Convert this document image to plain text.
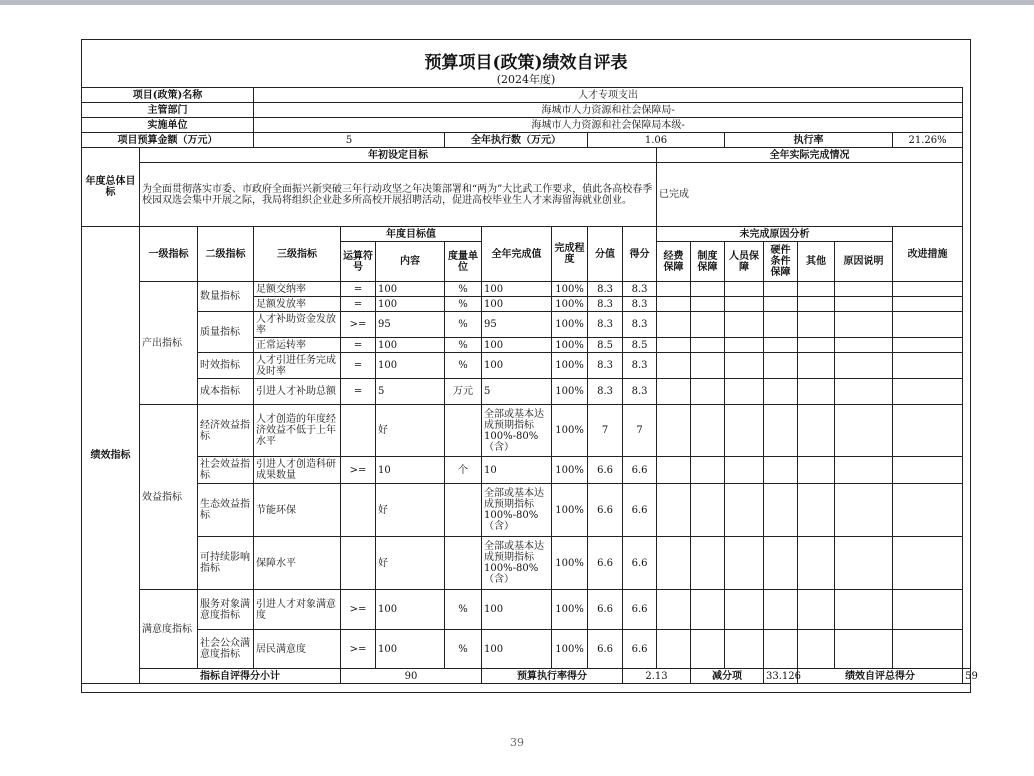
预算项目(政策)绩效自评表
(2024年度)
项目(政策)名称			人才专项支出															
主管部门			海城市人力资源和社会保障局-															
实施单位			海城市人力资源和社会保障局本级-															
项目预算金额（万元）			5			全年执行数（万元）			1.06				执行率				21.26%	
年度总体目标	年初设定目标										全年实际完成情况							
	为全面贯彻落实市委、市政府全面振兴新突破三年行动攻坚之年决策部署和“两为”大比武工作要求，值此各高校春季校园双选会集中开展之际，我局将组织企业赴多所高校开展招聘活动，促进高校毕业生人才来海留海就业创业。										已完成							
绩效指标	一级指标	二级指标	三级指标	年度目标值			全年完成值	完成程度	分值	得分	未完成原因分析						改进措施	
				运算符号	内容	度量单位					经费保障	制度保障	人员保障	硬件条件保障	其他	原因说明		
	产出指标	数量指标	足额交纳率	=	100	%	100	100%	8.3	8.3								
			足额发放率	=	100	%	100	100%	8.3	8.3								
		质量指标	人才补助资金发放率	>=	95	%	95	100%	8.3	8.3								
			正常运转率	=	100	%	100	100%	8.5	8.5								
		时效指标	人才引进任务完成及时率	=	100	%	100	100%	8.3	8.3								
		成本指标	引进人才补助总额	=	5	万元	5	100%	8.3	8.3								
	效益指标	经济效益指标	人才创造的年度经济效益不低于上年水平		好		全部或基本达成预期指标100%-80%（含）	100%	7	7								
		社会效益指标	引进人才创造科研成果数量	>=	10	个	10	100%	6.6	6.6								
		生态效益指标	节能环保		好		全部或基本达成预期指标100%-80%（含）	100%	6.6	6.6								
		可持续影响指标	保障水平		好		全部或基本达成预期指标100%-80%（含）	100%	6.6	6.6								
	满意度指标	服务对象满意度指标	引进人才对象满意度	>=	100	%	100	100%	6.6	6.6								
		社会公众满意度指标	居民满意度	>=	100	%	100	100%	6.6	6.6								
	指标自评得分小计			90			预算执行率得分			2.13		减分项		33.126	绩效自评总得分			59
39
